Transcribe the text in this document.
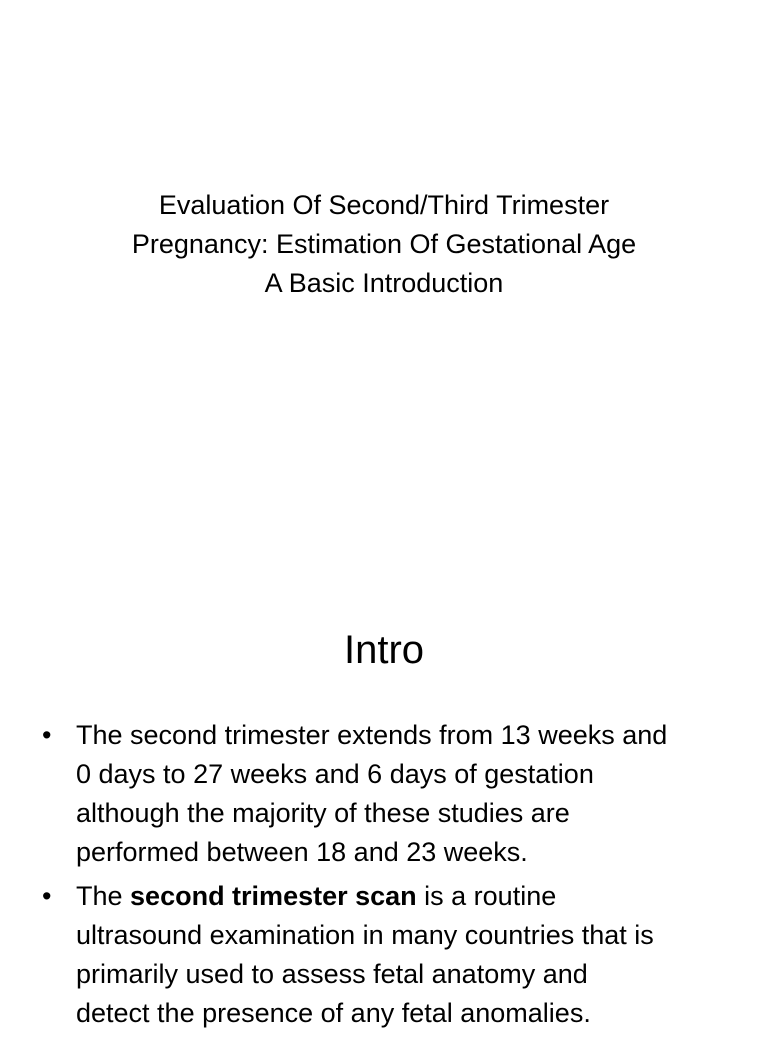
Evaluation Of Second/Third Trimester
Pregnancy: Estimation Of Gestational Age
A Basic Introduction
Intro
• The second trimester extends from 13 weeks and
0 days to 27 weeks and 6 days of gestation
although the majority of these studies are
performed between 18 and 23 weeks.
• The second trimester scan is a routine
ultrasound examination in many countries that is
primarily used to assess fetal anatomy and
detect the presence of any fetal anomalies.
